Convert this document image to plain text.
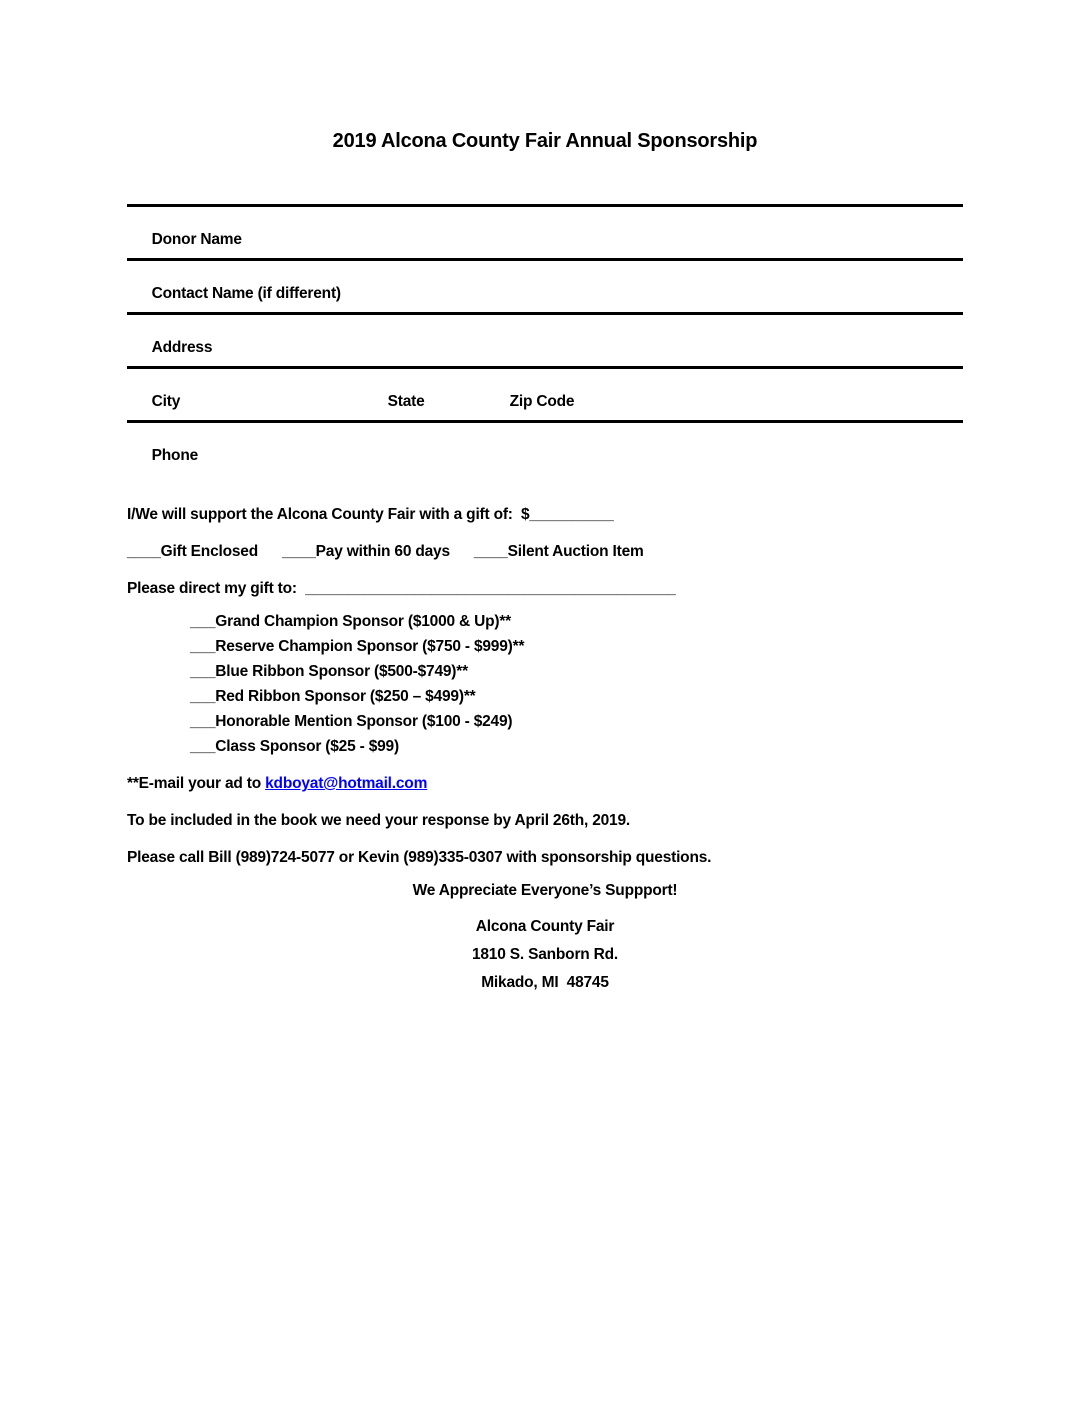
2019 Alcona County Fair Annual Sponsorship

Donor Name

Contact Name (if different)

Address

City	State	Zip Code

Phone

I/We will support the Alcona County Fair with a gift of:  $__________

____Gift Enclosed ____Pay within 60 days ____Silent Auction Item

Please direct my gift to:  ____________________________________________

___Grand Champion Sponsor ($1000 & Up)**
___Reserve Champion Sponsor ($750 - $999)**
___Blue Ribbon Sponsor ($500-$749)**
___Red Ribbon Sponsor ($250 – $499)**
___Honorable Mention Sponsor ($100 - $249)
___Class Sponsor ($25 - $99)

**E-mail your ad to kdboyat@hotmail.com

To be included in the book we need your response by April 26th, 2019.

Please call Bill (989)724-5077 or Kevin (989)335-0307 with sponsorship questions.

We Appreciate Everyone’s Suppport!

Alcona County Fair
1810 S. Sanborn Rd.
Mikado, MI  48745
